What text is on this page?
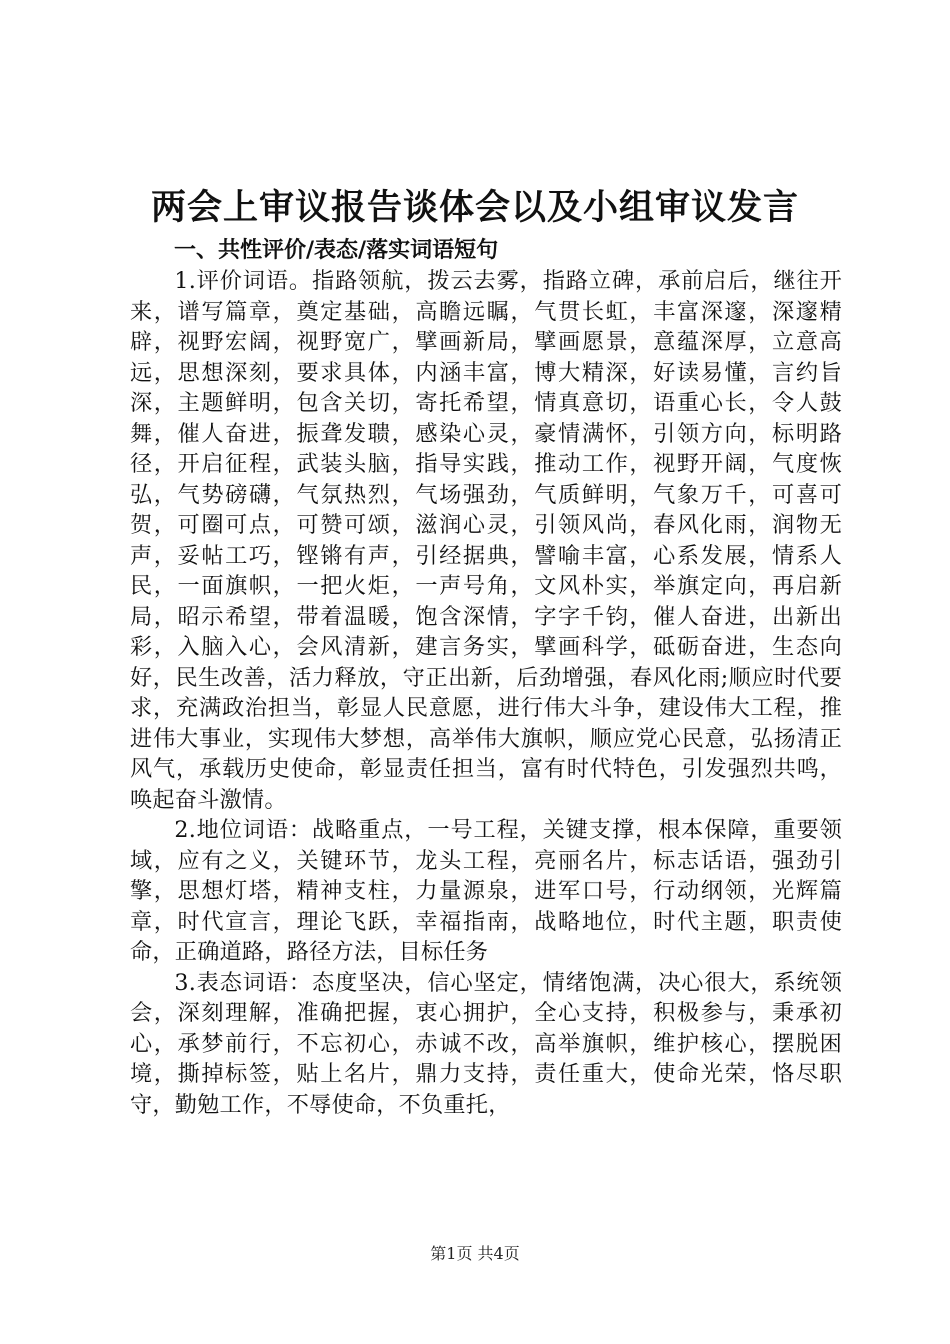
两会上审议报告谈体会以及小组审议发言
一、共性评价/表态/落实词语短句

1.评价词语。指路领航，拨云去雾，指路立碑，承前启后，继往开来，谱写篇章，奠定基础，高瞻远瞩，气贯长虹，丰富深邃，深邃精辟，视野宏阔，视野宽广，擘画新局，擘画愿景，意蕴深厚，立意高远，思想深刻，要求具体，内涵丰富，博大精深，好读易懂，言约旨深，主题鲜明，包含关切，寄托希望，情真意切，语重心长，令人鼓舞，催人奋进，振聋发聩，感染心灵，豪情满怀，引领方向，标明路径，开启征程，武装头脑，指导实践，推动工作，视野开阔，气度恢弘，气势磅礴，气氛热烈，气场强劲，气质鲜明，气象万千，可喜可贺，可圈可点，可赞可颂，滋润心灵，引领风尚，春风化雨，润物无声，妥帖工巧，铿锵有声，引经据典，譬喻丰富，心系发展，情系人民，一面旗帜，一把火炬，一声号角，文风朴实，举旗定向，再启新局，昭示希望，带着温暖，饱含深情，字字千钧，催人奋进，出新出彩，入脑入心，会风清新，建言务实，擘画科学，砥砺奋进，生态向好，民生改善，活力释放，守正出新，后劲增强，春风化雨;顺应时代要求，充满政治担当，彰显人民意愿，进行伟大斗争，建设伟大工程，推进伟大事业，实现伟大梦想，高举伟大旗帜，顺应党心民意，弘扬清正风气，承载历史使命，彰显责任担当，富有时代特色，引发强烈共鸣，唤起奋斗激情。

2.地位词语：战略重点，一号工程，关键支撑，根本保障，重要领域，应有之义，关键环节，龙头工程，亮丽名片，标志话语，强劲引擎，思想灯塔，精神支柱，力量源泉，进军口号，行动纲领，光辉篇章，时代宣言，理论飞跃，幸福指南，战略地位，时代主题，职责使命，正确道路，路径方法，目标任务

3.表态词语：态度坚决，信心坚定，情绪饱满，决心很大，系统领会，深刻理解，准确把握，衷心拥护，全心支持，积极参与，秉承初心，承梦前行，不忘初心，赤诚不改，高举旗帜，维护核心，摆脱困境，撕掉标签，贴上名片，鼎力支持，责任重大，使命光荣，恪尽职守，勤勉工作，不辱使命，不负重托，

第1页 共4页
